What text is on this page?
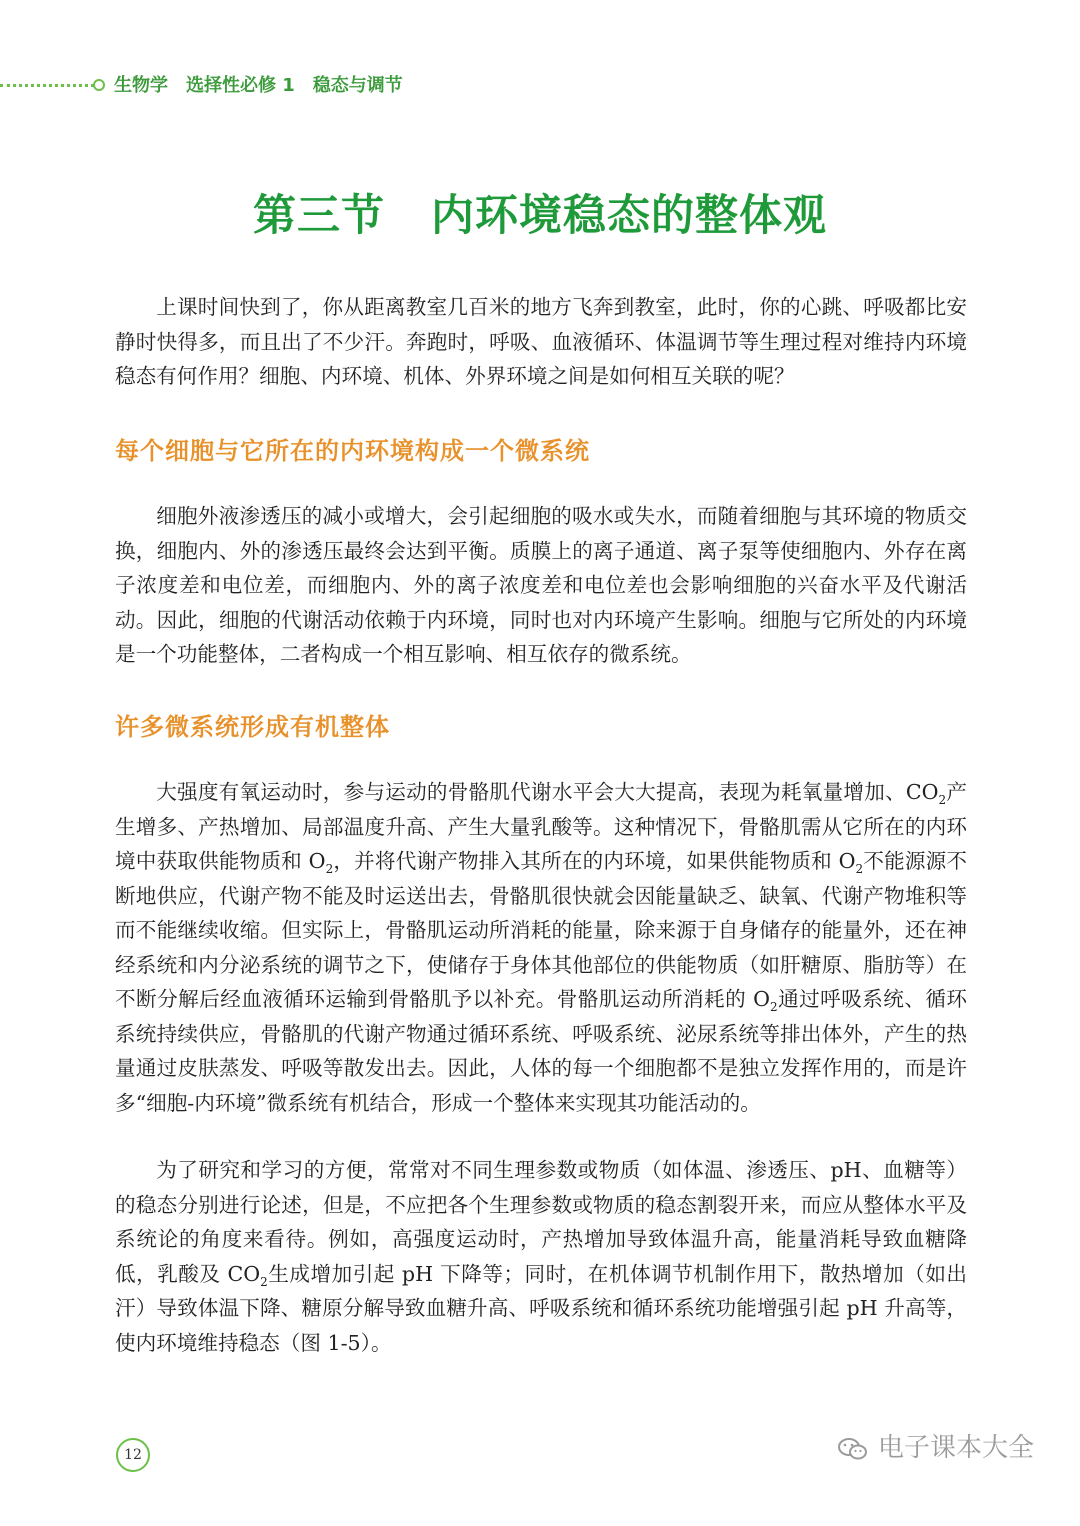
生物学 选择性必修 1 稳态与调节
第三节 内环境稳态的整体观

上课时间快到了，你从距离教室几百米的地方飞奔到教室，此时，你的心跳、呼吸都比安静时快得多，而且出了不少汗。奔跑时，呼吸、血液循环、体温调节等生理过程对维持内环境稳态有何作用？细胞、内环境、机体、外界环境之间是如何相互关联的呢？

每个细胞与它所在的内环境构成一个微系统

细胞外液渗透压的减小或增大，会引起细胞的吸水或失水，而随着细胞与其环境的物质交换，细胞内、外的渗透压最终会达到平衡。质膜上的离子通道、离子泵等使细胞内、外存在离子浓度差和电位差，而细胞内、外的离子浓度差和电位差也会影响细胞的兴奋水平及代谢活动。因此，细胞的代谢活动依赖于内环境，同时也对内环境产生影响。细胞与它所处的内环境是一个功能整体，二者构成一个相互影响、相互依存的微系统。

许多微系统形成有机整体

大强度有氧运动时，参与运动的骨骼肌代谢水平会大大提高，表现为耗氧量增加、$CO_2$产生增多、产热增加、局部温度升高、产生大量乳酸等。这种情况下，骨骼肌需从它所在的内环境中获取供能物质和 $O_2$，并将代谢产物排入其所在的内环境，如果供能物质和 $O_2$不能源源不断地供应，代谢产物不能及时运送出去，骨骼肌很快就会因能量缺乏、缺氧、代谢产物堆积等而不能继续收缩。但实际上，骨骼肌运动所消耗的能量，除来源于自身储存的能量外，还在神经系统和内分泌系统的调节之下，使储存于身体其他部位的供能物质（如肝糖原、脂肪等）在不断分解后经血液循环运输到骨骼肌予以补充。骨骼肌运动所消耗的 $O_2$通过呼吸系统、循环系统持续供应，骨骼肌的代谢产物通过循环系统、呼吸系统、泌尿系统等排出体外，产生的热量通过皮肤蒸发、呼吸等散发出去。因此，人体的每一个细胞都不是独立发挥作用的，而是许多“细胞-内环境”微系统有机结合，形成一个整体来实现其功能活动的。

为了研究和学习的方便，常常对不同生理参数或物质（如体温、渗透压、pH、血糖等）的稳态分别进行论述，但是，不应把各个生理参数或物质的稳态割裂开来，而应从整体水平及系统论的角度来看待。例如，高强度运动时，产热增加导致体温升高，能量消耗导致血糖降低，乳酸及 $CO_2$生成增加引起 pH 下降等；同时，在机体调节机制作用下，散热增加（如出汗）导致体温下降、糖原分解导致血糖升高、呼吸系统和循环系统功能增强引起 pH 升高等，使内环境维持稳态（图 1-5）。

12	电子课本大全
